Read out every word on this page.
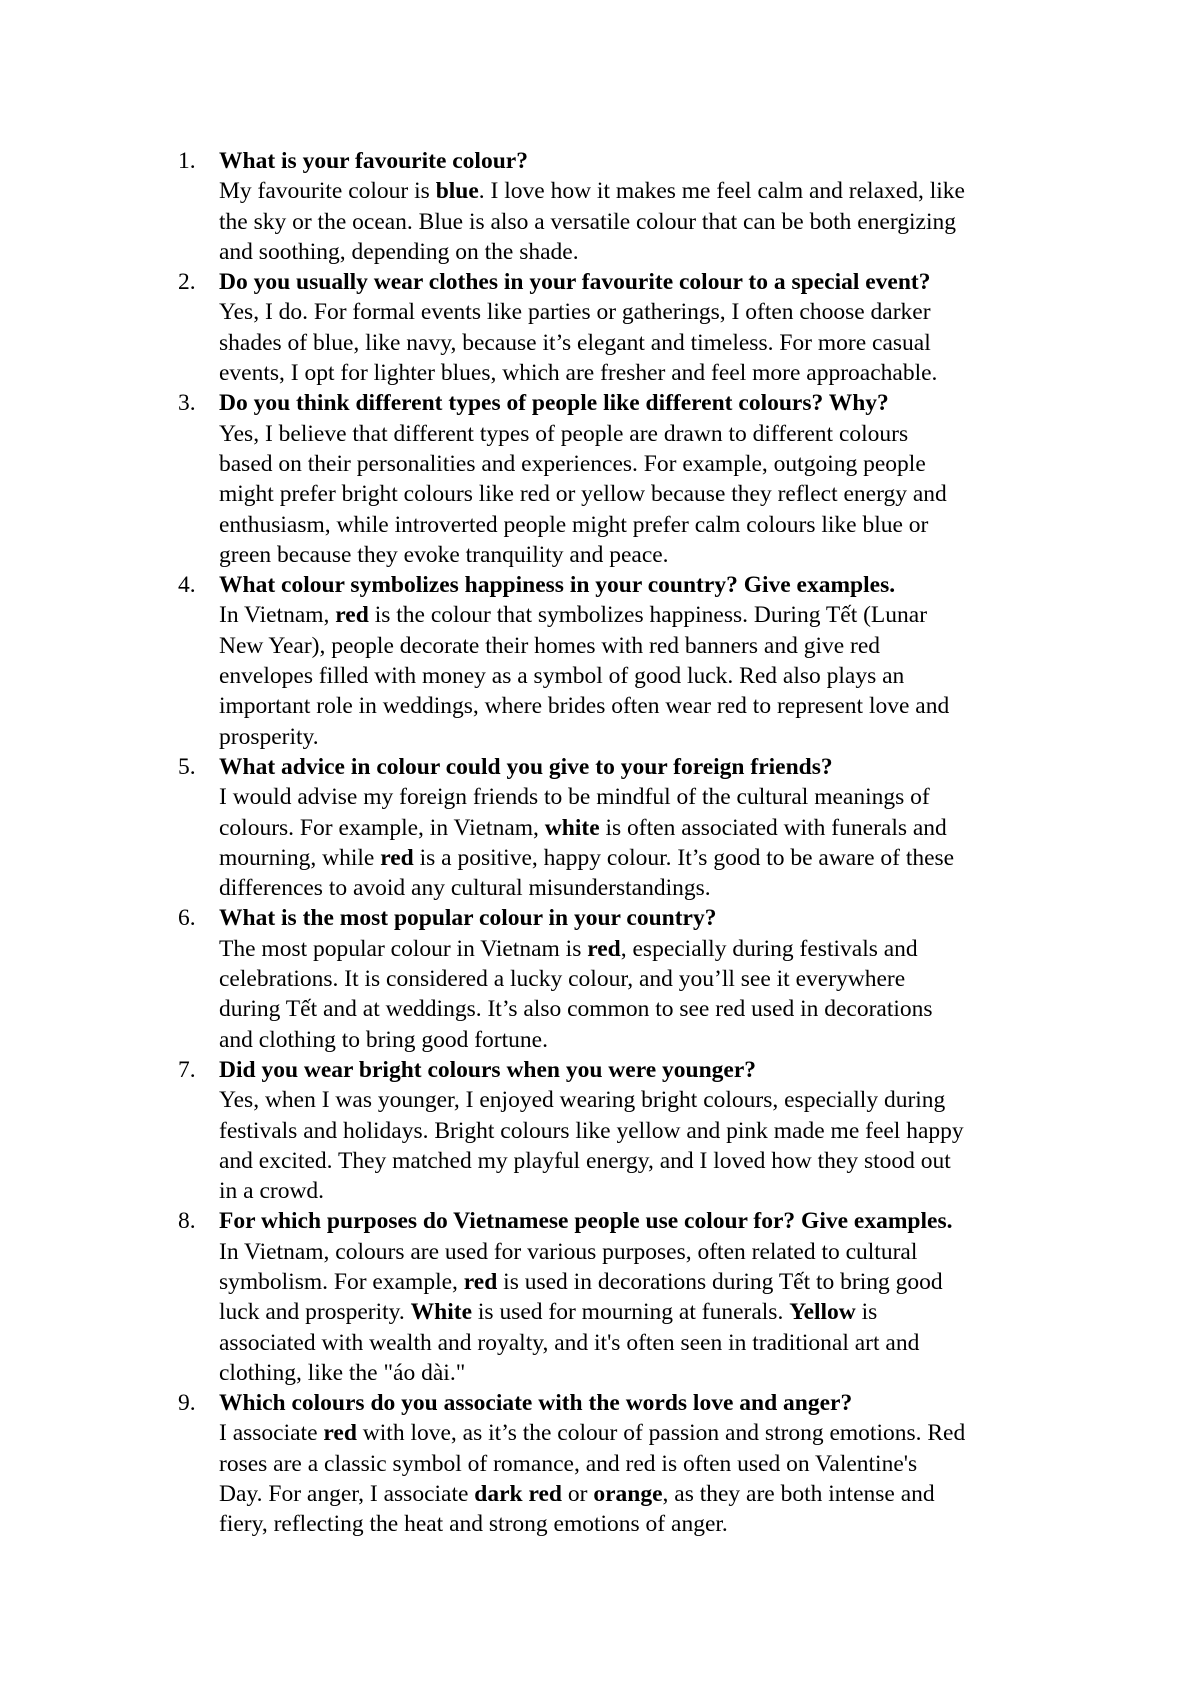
1. What is your favourite colour?
My favourite colour is blue. I love how it makes me feel calm and relaxed, like
the sky or the ocean. Blue is also a versatile colour that can be both energizing
and soothing, depending on the shade.
2. Do you usually wear clothes in your favourite colour to a special event?
Yes, I do. For formal events like parties or gatherings, I often choose darker
shades of blue, like navy, because it’s elegant and timeless. For more casual
events, I opt for lighter blues, which are fresher and feel more approachable.
3. Do you think different types of people like different colours? Why?
Yes, I believe that different types of people are drawn to different colours
based on their personalities and experiences. For example, outgoing people
might prefer bright colours like red or yellow because they reflect energy and
enthusiasm, while introverted people might prefer calm colours like blue or
green because they evoke tranquility and peace.
4. What colour symbolizes happiness in your country? Give examples.
In Vietnam, red is the colour that symbolizes happiness. During Tết (Lunar
New Year), people decorate their homes with red banners and give red
envelopes filled with money as a symbol of good luck. Red also plays an
important role in weddings, where brides often wear red to represent love and
prosperity.
5. What advice in colour could you give to your foreign friends?
I would advise my foreign friends to be mindful of the cultural meanings of
colours. For example, in Vietnam, white is often associated with funerals and
mourning, while red is a positive, happy colour. It’s good to be aware of these
differences to avoid any cultural misunderstandings.
6. What is the most popular colour in your country?
The most popular colour in Vietnam is red, especially during festivals and
celebrations. It is considered a lucky colour, and you’ll see it everywhere
during Tết and at weddings. It’s also common to see red used in decorations
and clothing to bring good fortune.
7. Did you wear bright colours when you were younger?
Yes, when I was younger, I enjoyed wearing bright colours, especially during
festivals and holidays. Bright colours like yellow and pink made me feel happy
and excited. They matched my playful energy, and I loved how they stood out
in a crowd.
8. For which purposes do Vietnamese people use colour for? Give examples.
In Vietnam, colours are used for various purposes, often related to cultural
symbolism. For example, red is used in decorations during Tết to bring good
luck and prosperity. White is used for mourning at funerals. Yellow is
associated with wealth and royalty, and it's often seen in traditional art and
clothing, like the "áo dài."
9. Which colours do you associate with the words love and anger?
I associate red with love, as it’s the colour of passion and strong emotions. Red
roses are a classic symbol of romance, and red is often used on Valentine's
Day. For anger, I associate dark red or orange, as they are both intense and
fiery, reflecting the heat and strong emotions of anger.
